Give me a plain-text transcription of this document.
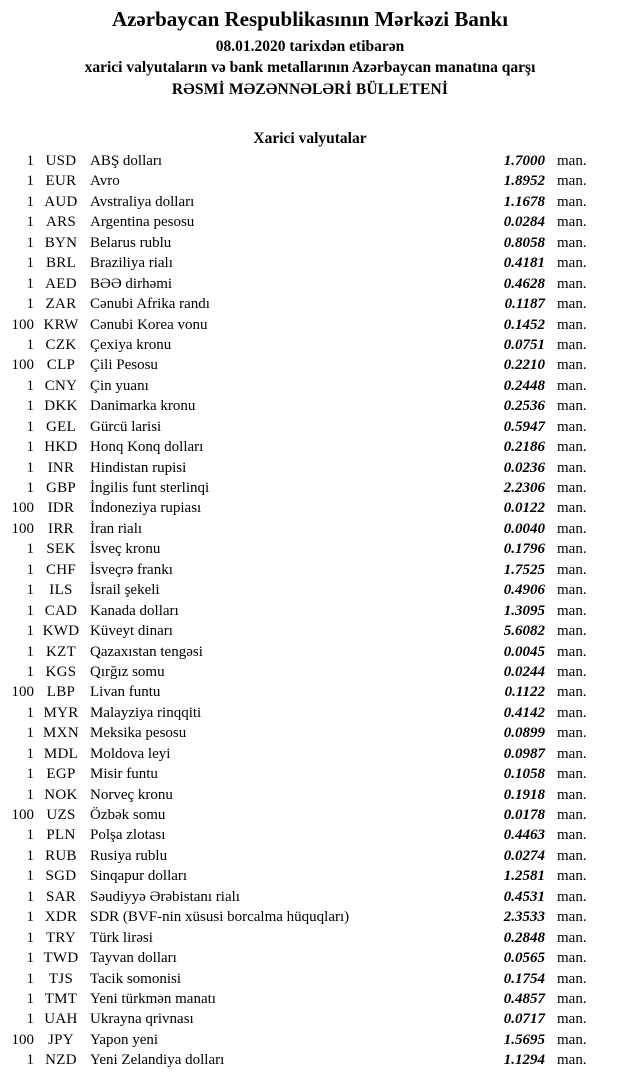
Azərbaycan Respublikasının Mərkəzi Bankı
08.01.2020 tarixdən etibarən
xarici valyutaların və bank metallarının Azərbaycan manatına qarşı
RƏSMİ MƏZƏNNƏLƏRİ BÜLLETENİ
Xarici valyutalar
1 USD ABŞ dolları	1.7000 man.
1 EUR Avro	1.8952 man.
1 AUD Avstraliya dolları	1.1678 man.
1 ARS Argentina pesosu	0.0284 man.
1 BYN Belarus rublu	0.8058 man.
1 BRL Braziliya rialı	0.4181 man.
1 AED BƏƏ dirhəmi	0.4628 man.
1 ZAR Cənubi Afrika randı	0.1187 man.
100 KRW Cənubi Korea vonu	0.1452 man.
1 CZK Çexiya kronu	0.0751 man.
100 CLP Çili Pesosu	0.2210 man.
1 CNY Çin yuanı	0.2448 man.
1 DKK Danimarka kronu	0.2536 man.
1 GEL Gürcü larisi	0.5947 man.
1 HKD Honq Konq dolları	0.2186 man.
1 INR	Hindistan rupisi	0.0236 man.
1 GBP İngilis funt sterlinqi	2.2306 man.
100 IDR	İndoneziya rupiası	0.0122 man.
100 IRR	İran rialı	0.0040 man.
1 SEK İsveç kronu	0.1796 man.
1 CHF İsveçrə frankı	1.7525 man.
1	ILS	İsrail şekeli	0.4906 man.
1 CAD Kanada dolları	1.3095 man.
1 KWD Küveyt dinarı	5.6082 man.
1 KZT Qazaxıstan tengəsi	0.0045 man.
1 KGS Qırğız somu	0.0244 man.
100 LBP Livan funtu	0.1122 man.
1 MYR Malayziya rinqqiti	0.4142 man.
1 MXN Meksika pesosu	0.0899 man.
1 MDL Moldova leyi	0.0987 man.
1 EGP Misir funtu	0.1058 man.
1 NOK Norveç kronu	0.1918 man.
100 UZS Özbək somu	0.0178 man.
1 PLN Polşa zlotası	0.4463 man.
1 RUB Rusiya rublu	0.0274 man.
1 SGD Sinqapur dolları	1.2581 man.
1 SAR Səudiyyə Ərəbistanı rialı	0.4531 man.
1 XDR SDR (BVF-nin xüsusi borcalma hüquqları)	2.3533 man.
1 TRY Türk lirəsi	0.2848 man.
1 TWD Tayvan dolları	0.0565 man.
1 TJS	Tacik somonisi	0.1754 man.
1 TMT Yeni türkmən manatı	0.4857 man.
1 UAH Ukrayna qrivnası	0.0717 man.
100 JPY	Yapon yeni	1.5695 man.
1 NZD Yeni Zelandiya dolları	1.1294 man.
